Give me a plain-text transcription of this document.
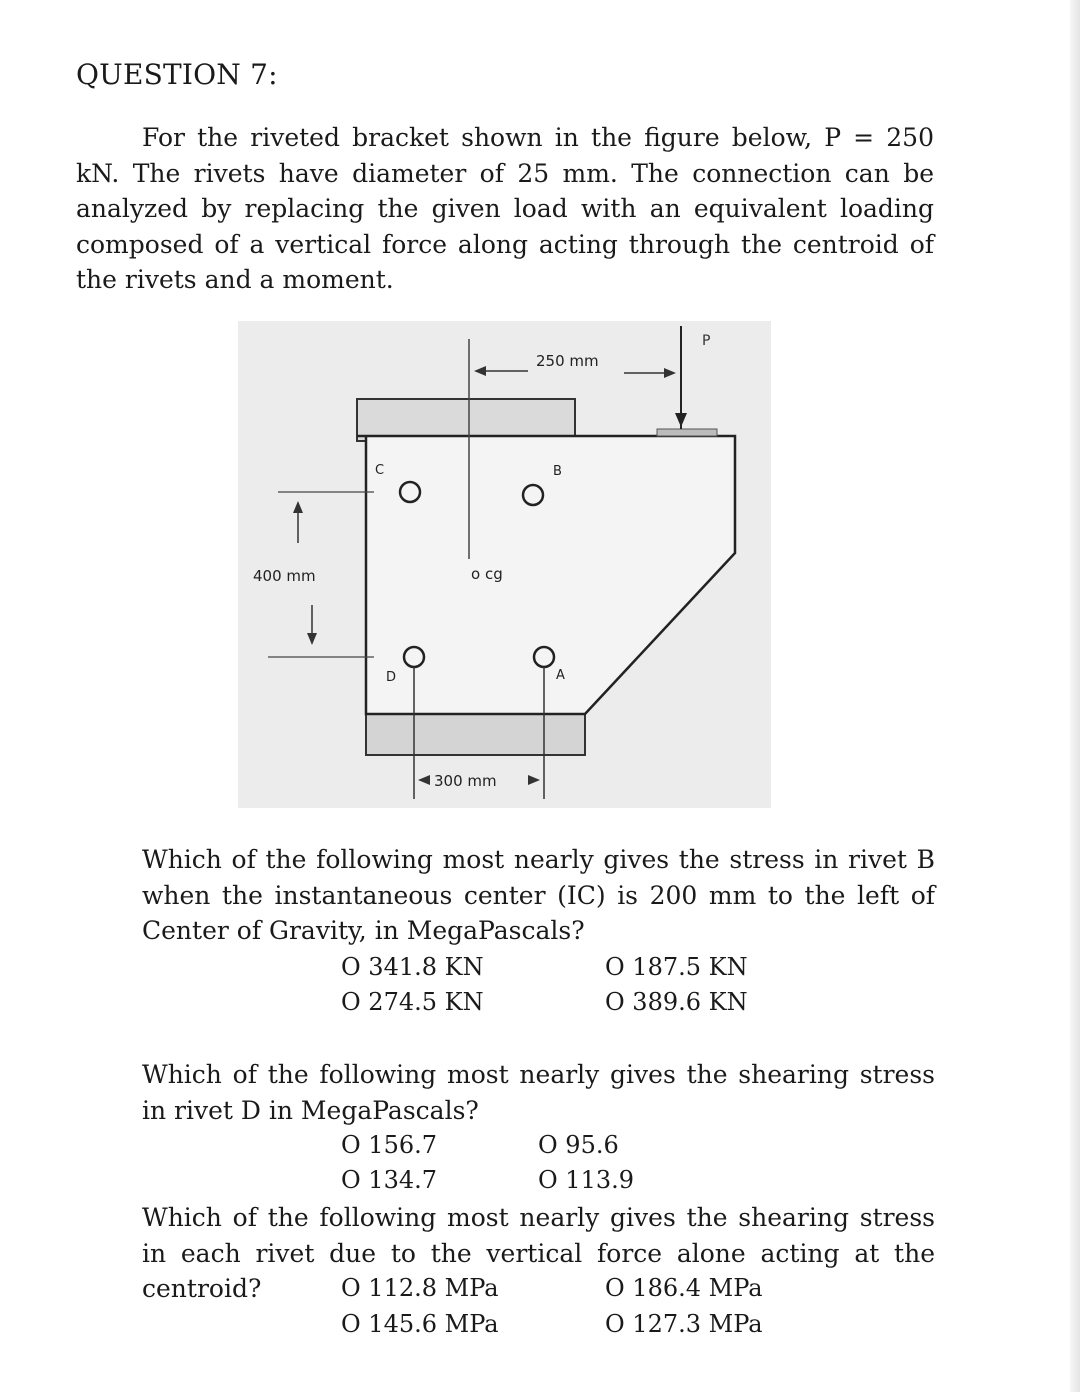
QUESTION 7:
For the riveted bracket shown in the figure below, P = 250 kN. The rivets have diameter of 25 mm. The connection can be analyzed by replacing the given load with an equivalent loading composed of a vertical force along acting through the centroid of the rivets and a moment.
P
250 mm
400 mm
C	B
D	A
o cg
300 mm
Which of the following most nearly gives the stress in rivet B when the instantaneous center (IC) is 200 mm to the left of Center of Gravity, in MegaPascals?
O 341.8 KN	O 187.5 KN
O 274.5 KN	O 389.6 KN
Which of the following most nearly gives the shearing stress in rivet D in MegaPascals?
O 156.7	O 95.6
O 134.7	O 113.9
Which of the following most nearly gives the shearing stress in each rivet due to the vertical force alone acting at the centroid?	O 112.8 MPa	O 186.4 MPa
O 145.6 MPa	O 127.3 MPa
